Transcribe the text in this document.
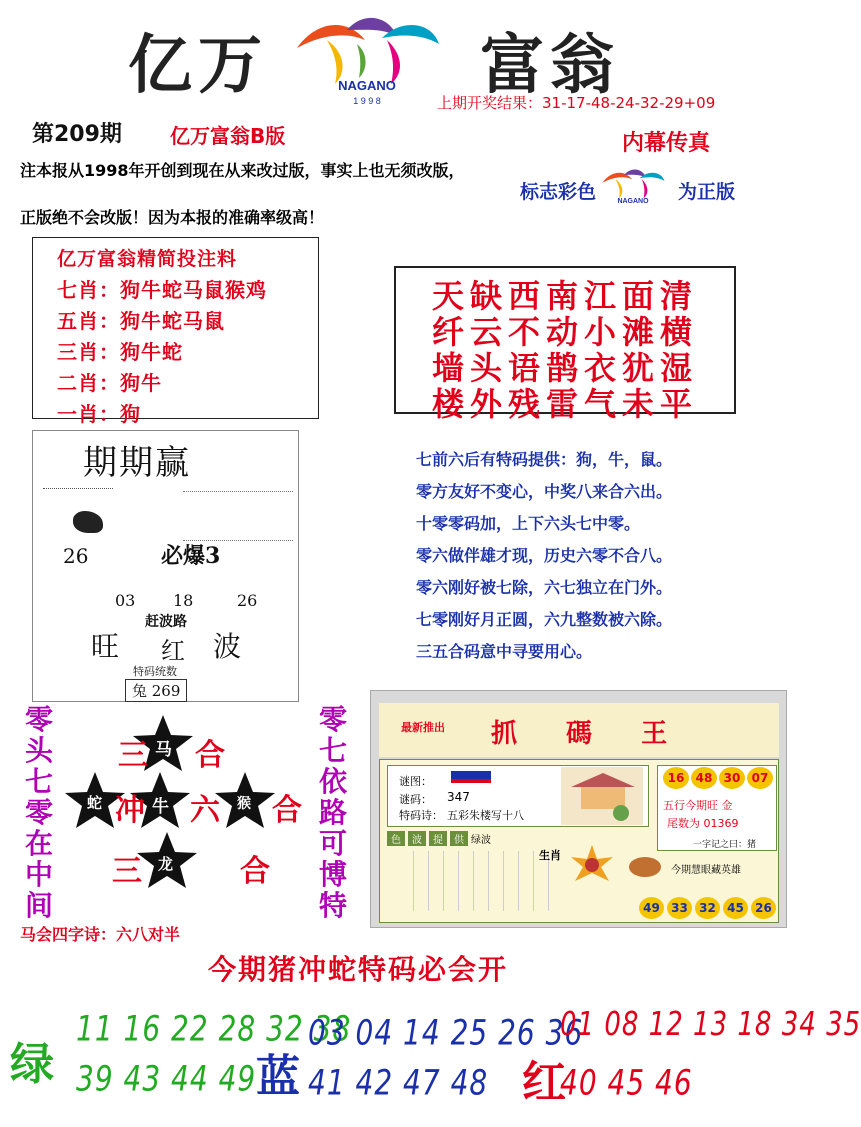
亿万	NAGANO
1 9 9 8 富翁
上期开奖结果：31-17-48-24-32-29+09
第209期 亿万富翁B版	内幕传真
注本报从1998年开创到现在从来改过版，事实上也无须改版，
正版绝不会改版！因为本报的准确率级高！
标志彩色 NAGANO 为正版
亿万富翁精简投注料
七肖：狗牛蛇马鼠猴鸡
五肖：狗牛蛇马鼠
三肖：狗牛蛇
二肖：狗牛
一肖：狗
天缺西南江面清
纤云不动小滩横
墙头语鹊衣犹湿
楼外残雷气未平
期期赢
26	必爆3
03 18	26
赶波路
旺 红 波
特码统数
兔 269
七前六后有特码提供：狗，牛，鼠。
零方友好不变心，中奖八来合六出。
十零零码加，上下六头七中零。
零六做伴雄才现，历史六零不合八。
零六刚好被七除，六七独立在门外。
七零刚好月正圆，六九整数被六除。
三五合码意中寻要用心。
零
头
七
零
在
中
间
零
七
依
路
可
博
特
三 马 合
蛇 冲 牛 六 猴 合
三 龙 合
马会四字诗：六八对半
今期猪冲蛇特码必会开
最新推出 抓 碼 王
谜图：
谜码： 347
特码诗： 五彩朱楼写十八
16 48 30 07
五行今期旺 金
尾数为 01369
色	波	提	供 绿波
生肖
一字记之曰：猪
今期慧眼藏英雄
49 33 32 45 26
绿
11 16 22 28 32 38
39 43 44 49 蓝
03 04 14 25 26 36
41 42 47 48 红
01 08 12 13 18 34 35
40 45 46
